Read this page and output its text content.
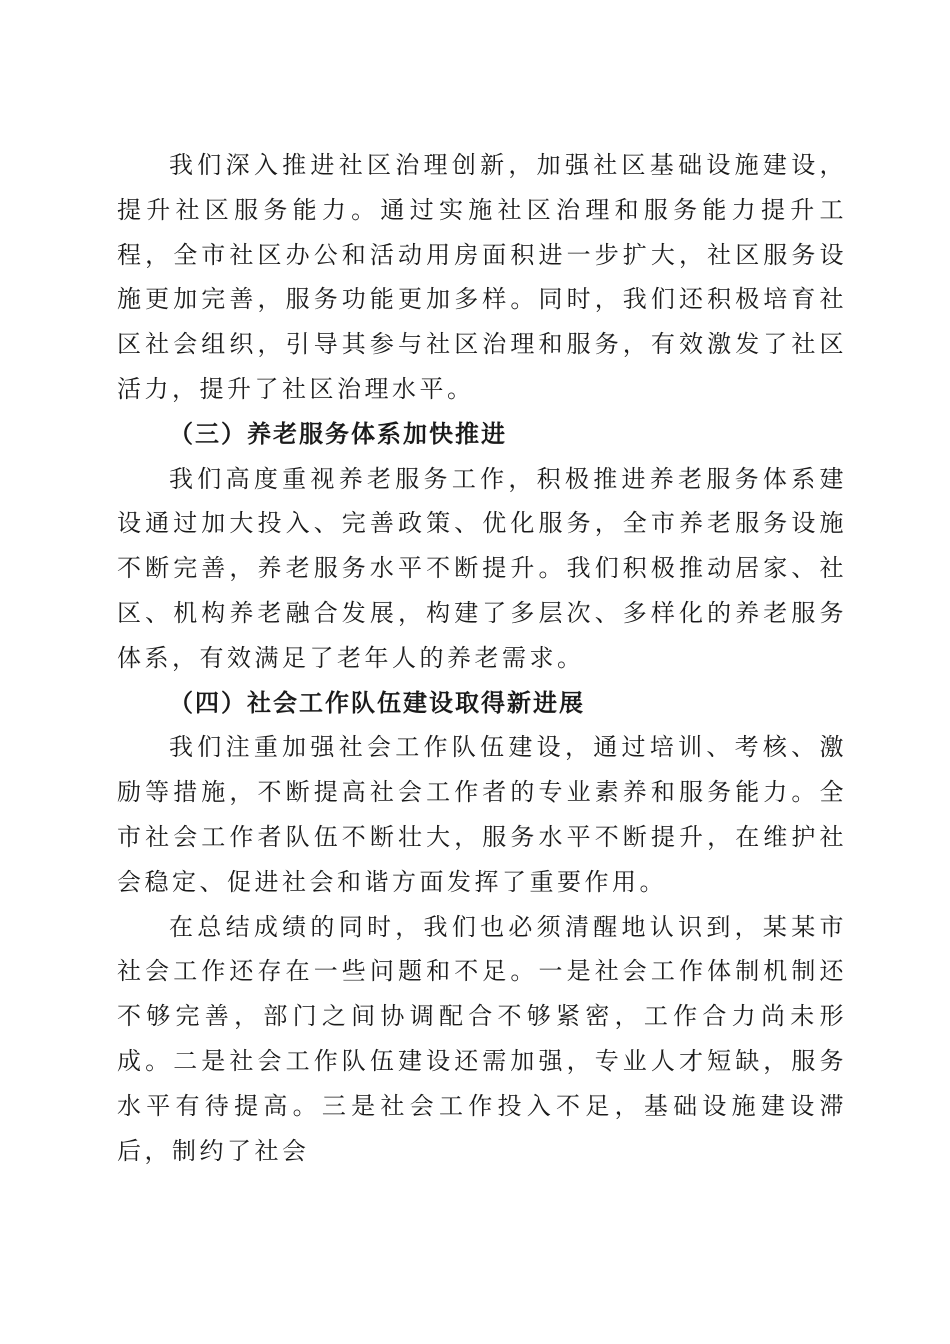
我们深入推进社区治理创新，加强社区基础设施建设，提升社区服务能力。通过实施社区治理和服务能力提升工程，全市社区办公和活动用房面积进一步扩大，社区服务设施更加完善，服务功能更加多样。同时，我们还积极培育社区社会组织，引导其参与社区治理和服务，有效激发了社区活力，提升了社区治理水平。

（三）养老服务体系加快推进

我们高度重视养老服务工作，积极推进养老服务体系建设通过加大投入、完善政策、优化服务，全市养老服务设施不断完善，养老服务水平不断提升。我们积极推动居家、社区、机构养老融合发展，构建了多层次、多样化的养老服务体系，有效满足了老年人的养老需求。

（四）社会工作队伍建设取得新进展

我们注重加强社会工作队伍建设，通过培训、考核、激励等措施，不断提高社会工作者的专业素养和服务能力。全市社会工作者队伍不断壮大，服务水平不断提升，在维护社会稳定、促进社会和谐方面发挥了重要作用。

在总结成绩的同时，我们也必须清醒地认识到，某某市社会工作还存在一些问题和不足。一是社会工作体制机制还不够完善，部门之间协调配合不够紧密，工作合力尚未形成。二是社会工作队伍建设还需加强，专业人才短缺，服务水平有待提高。三是社会工作投入不足，基础设施建设滞后，制约了社会
